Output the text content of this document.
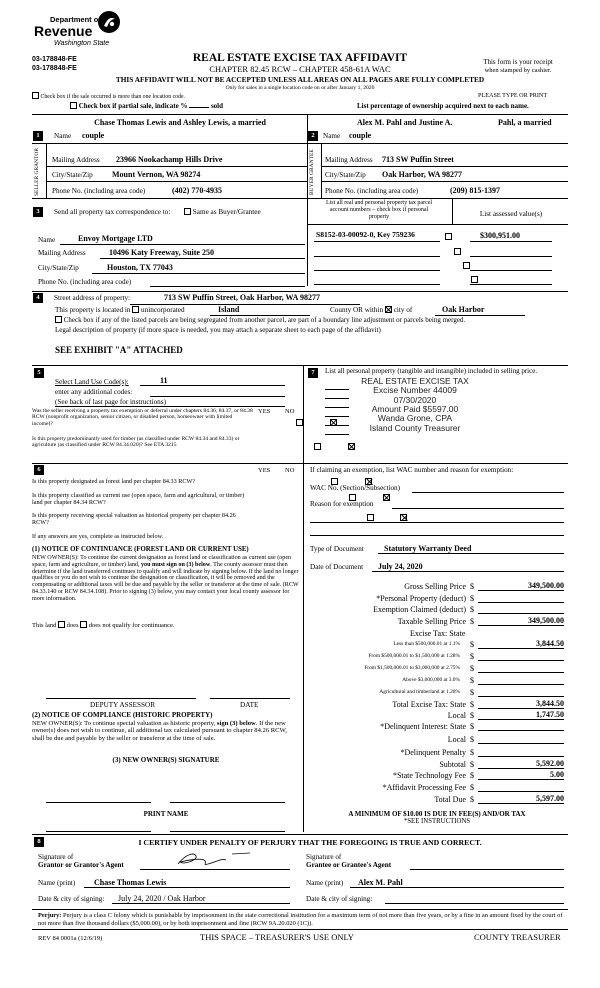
Department of
Revenue
Washington State
03-178848-FE
03-178848-FE
REAL ESTATE EXCISE TAX AFFIDAVIT
CHAPTER 82.45 RCW – CHAPTER 458-61A WAC
This form is your receipt
when stamped by cashier.
THIS AFFIDAVIT WILL NOT BE ACCEPTED UNLESS ALL AREAS ON ALL PAGES ARE FULLY COMPLETED
Only for sales in a single location code on or after January 1, 2020
Check box if the sale occurred is more than one location code.	PLEASE TYPE OR PRINT
Check box if partial sale, indicate %	sold	List percentage of ownership acquired next to each name.
Chase Thomas Lewis and Ashley Lewis, a married
1	Name couple
SELLER GRANTOR	Mailing Address 23966 Nookachamp Hills Drive
City/State/Zip Mount Vernon, WA 98274
Phone No. (including area code)	(402) 770-4935
Alex M. Pahl and Justine A.	Pahl, a married
2	Name couple
BUYER GRANTEE	Mailing Address 713 SW Puffin Street
City/State/Zip Oak Harbor, WA 98277
Phone No. (including area code)	(209) 815-1397
3	Send all property tax correspondence to:	Same as Buyer/Grantee
Name	Envoy Mortgage LTD
Mailing Address	10496 Katy Freeway, Suite 250
City/State/Zip	Houston, TX 77043
Phone No. (including area code)
List all real and personal property tax parcel
account numbers – check box if personal
property	List assessed value(s)
S8152-03-00092-0, Key 759236
	$300,951.00

4	Street address of property:	713 SW Puffin Street, Oak Harbor, WA 98277
This property is located in unincorporated	Island	County OR within city of	Oak Harbor
Check box if any of the listed parcels are being segregated from another parcel, are part of a boundary line adjustment or parcels being merged.
Legal description of property (if more space is needed, you may attach a separate sheet to each page of the affidavit)
SEE EXHIBIT "A" ATTACHED
5	7
Select Land Use Code(s):	11
enter any additional codes:
(See back of last page for instructions)
YES NO
Was the seller receiving a property tax exemption or deferral under chapters 84.36, 84.37, or 84.38 RCW (nonprofit organization, senior citizen, or disabled person, homeowner with limited income)?

Is this property predominantly used for timber (as classified under RCW 84.34 and 84.33) or agriculture (as classified under RCW 84.34.020)? See ETA 3215

6	YES NO
Is this property designated as forest land per chapter 84.33 RCW?

Is this property classified as current use (open space, farm and agricultural, or timber) land per chapter 84.34 RCW?

Is this property receiving special valuation as historical property per chapter 84.26 RCW?

If any answers are yes, complete as instructed below.
(1) NOTICE OF CONTINUANCE (FOREST LAND OR CURRENT USE)
NEW OWNER(S): To continue the current designation as forest land or classification as current use (open space, farm and agriculture, or timber) land, you must sign on (3) below. The county assessor must then determine if the land transferred continues to qualify and will indicate by signing below. If the land no longer qualifies or you do not wish to continue the designation or classification, it will be removed and the compensating or additional taxes will be due and payable by the seller or transferor at the time of sale. (RCW 84.33.140 or RCW 84.34.108). Prior to signing (3) below, you may contact your local county assessor for more information.
This land does does not qualify for continuance.
DEPUTY ASSESSOR	DATE
(2) NOTICE OF COMPLIANCE (HISTORIC PROPERTY)
NEW OWNER(S): To continue special valuation as historic property, sign (3) below. If the new owner(s) does not wish to continue, all additional tax calculated pursuant to chapter 84.26 RCW, shall be due and payable by the seller or transferor at the time of sale.
(3) NEW OWNER(S) SIGNATURE
PRINT NAME
List all personal property (tangible and intangible) included in selling price.
REAL ESTATE EXCISE TAX
Excise Number 44009
07/30/2020
Amount Paid $5597.00
Wanda Grone, CPA
Island County Treasurer
If claiming an exemption, list WAC number and reason for exemption:
WAC No. (Section/Subsection)
Reason for exemption
Type of Document	Statutory Warranty Deed
Date of Document July 24, 2020
Gross Selling Price $	349,500.00
*Personal Property (deduct) $
Exemption Claimed (deduct) $
Taxable Selling Price $	349,500.00
Excise Tax: State
Less than $500,000.01 at 1.1% $	3,844.50
From $500,000.01 to $1,500,000 at 1.28% $
From $1,500,000.01 to $3,000,000 at 2.75% $
Above $3,000,000 at 3.0% $
Agricultural and timberland at 1.28% $
Total Excise Tax: State $	3,844.50
Local $	1,747.50
*Delinquent Interest: State $
Local $
*Delinquent Penalty $
Subtotal $	5,592.00
*State Technology Fee $	5.00
*Affidavit Processing Fee $
Total Due $	5,597.00
A MINIMUM OF $10.00 IS DUE IN FEE(S) AND/OR TAX
*SEE INSTRUCTIONS
8	I CERTIFY UNDER PENALTY OF PERJURY THAT THE FOREGOING IS TRUE AND CORRECT.
Signature of
Grantor or Grantor's Agent
Signature of
Grantee or Grantee's Agent
Name (print) Chase Thomas Lewis	Name (print) Alex M. Pahl
Date & city of signing: July 24, 2020 / Oak Harbor	Date & city of signing:
Perjury: Perjury is a class C felony which is punishable by imprisonment in the state correctional institution for a maximum term of not more than five years, or by a fine in an amount fixed by the court of not more than five thousand dollars ($5,000.00), or by both imprisonment and fine (RCW 9A.20.020 (1C)).
REV 84 0001a (12/6/19)	THIS SPACE – TREASURER'S USE ONLY	COUNTY TREASURER
